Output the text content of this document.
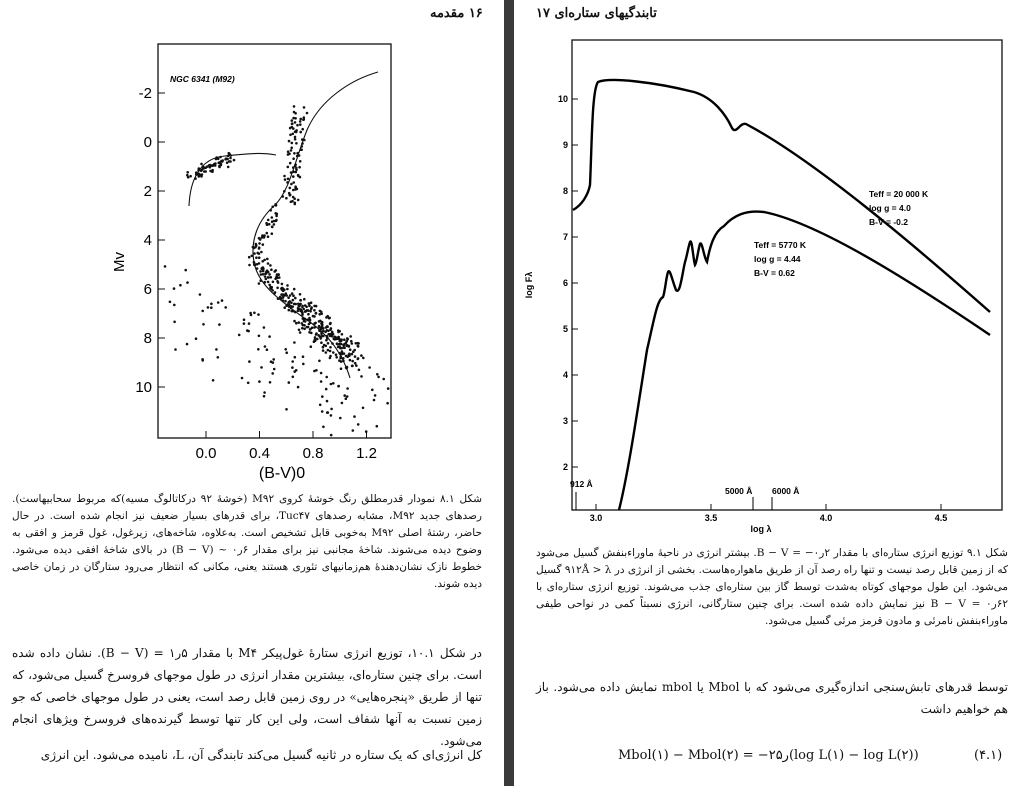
۱۶ مقدمه
NGC 6341 (M92)
-2
0
2
4
6
8
10
0.0 0.4 0.8 1.2
Mv
(B-V)0
شکل ۸.۱ نمودار قدرمطلق رنگ خوشهٔ کروی M۹۲ (خوشهٔ ۹۲ درکاتالوگ مسیه)که مربوط سحابیهاست). رصدهای جدید M۹۲، مشابه رصدهای Tuc۴۷، برای قدرهای بسیار ضعیف نیز انجام شده است. در حال حاضر، رشتهٔ اصلی M۹۲ به‌خوبی قابل تشخیص است. به‌علاوه، شاخه‌های، زیرغول، غول قرمز و افقی به وضوح دیده می‌شوند. شاخهٔ مجانبی نیز برای مقدار ۶ر۰ ~ (B − V) در بالای شاخهٔ افقی دیده می‌شود. خطوط نازک نشان‌دهندهٔ هم‌زمانیهای تئوری هستند یعنی، مکانی که انتظار می‌رود ستارگان در زمان خاصی دیده شوند.
در شکل ۱۰.۱، توزیع انرژی ستارهٔ غول‌پیکر M۴ با مقدار ۵ر۱ = (B − V). نشان داده شده است. برای چنین ستاره‌ای، بیشترین مقدار انرژی در طول موجهای فروسرخ گسیل می‌شود، که تنها از طریق «پنجره‌هایی» در روی زمین قابل رصد است، یعنی در طول موجهای خاصی که جو زمین نسبت به آنها شفاف است، ولی این کار تنها توسط گیرنده‌های فروسرخ ویژهای انجام می‌شود.
کل انرژی‌ای که یک ستاره در ثانیه گسیل می‌کند تابندگی آن، L، نامیده می‌شود. این انرژی
تابندگیهای ستاره‌ای ۱۷
10
9
8
7
6
5
4
3
2
3.0	3.5	4.0	4.5
log Fλ
log λ
Teff = 20 000 K
log g = 4.0
B-V = -0.2
Teff = 5770 K
log g = 4.44
B-V = 0.62
912 Å
5000 Å 6000 Å
شکل ۹.۱ توزیع انرژی ستاره‌ای با مقدار ۲ر۰− = B − V. بیشتر انرژی در ناحیهٔ ماوراءبنفش گسیل می‌شود که از زمین قابل رصد نیست و تنها راه رصد آن از طریق ماهواره‌هاست. بخشی از انرژی در ۹۱۲Å > λ گسیل می‌شود. این طول موجهای کوتاه به‌شدت توسط گاز بین ستاره‌ای جذب می‌شوند. توزیع انرژی ستاره‌ای با ۶۲ر۰ = B − V نیز نمایش داده شده است. برای چنین ستارگانی، انرژی نسبتاً کمی در نواحی طیفی ماوراءبنفش نامرئی و مادون قرمز مرئی گسیل می‌شود.
توسط قدرهای تابش‌سنجی اندازه‌گیری می‌شود که با Mbol یا mbol نمایش داده می‌شود. باز هم خواهیم داشت
Mbol(۱) − Mbol(۲) = −۲ر۵(log L(۱) − log L(۲))	(۴.۱)
